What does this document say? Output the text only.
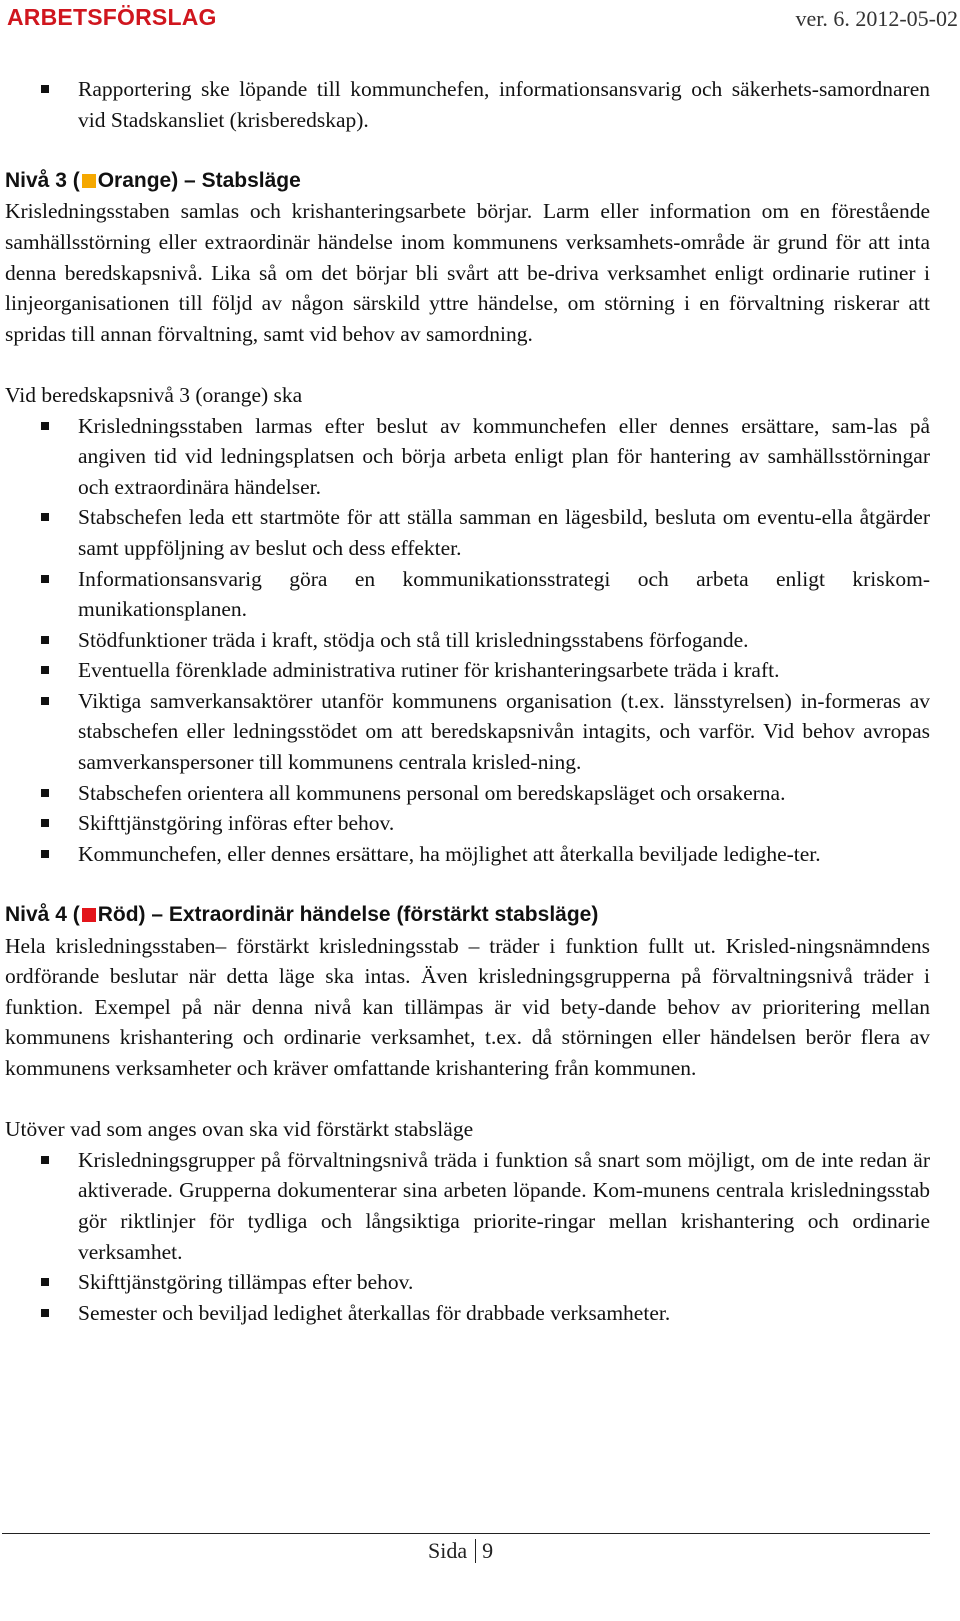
ARBETSFÖRSLAG	ver. 6. 2012-05-02
Rapportering ske löpande till kommunchefen, informationsansvarig och säkerhets-samordnaren vid Stadskansliet (krisberedskap).
Nivå 3 ( Orange) – Stabsläge

Krisledningsstaben samlas och krishanteringsarbete börjar. Larm eller information om en förestående samhällsstörning eller extraordinär händelse inom kommunens verksamhets-område är grund för att inta denna beredskapsnivå. Lika så om det börjar bli svårt att be-driva verksamhet enligt ordinarie rutiner i linjeorganisationen till följd av någon särskild yttre händelse, om störning i en förvaltning riskerar att spridas till annan förvaltning, samt vid behov av samordning.

Vid beredskapsnivå 3 (orange) ska

Krisledningsstaben larmas efter beslut av kommunchefen eller dennes ersättare, sam-las på angiven tid vid ledningsplatsen och börja arbeta enligt plan för hantering av samhällsstörningar och extraordinära händelser.
Stabschefen leda ett startmöte för att ställa samman en lägesbild, besluta om eventu-ella åtgärder samt uppföljning av beslut och dess effekter.
Informationsansvarig göra en kommunikationsstrategi och arbeta enligt kriskom-munikationsplanen.
Stödfunktioner träda i kraft, stödja och stå till krisledningsstabens förfogande.
Eventuella förenklade administrativa rutiner för krishanteringsarbete träda i kraft.
Viktiga samverkansaktörer utanför kommunens organisation (t.ex. länsstyrelsen) in-formeras av stabschefen eller ledningsstödet om att beredskapsnivån intagits, och varför. Vid behov avropas samverkanspersoner till kommunens centrala krisled-ning.
Stabschefen orientera all kommunens personal om beredskapsläget och orsakerna.
Skifttjänstgöring införas efter behov.
Kommunchefen, eller dennes ersättare, ha möjlighet att återkalla beviljade ledighe-ter.
Nivå 4 ( Röd) – Extraordinär händelse (förstärkt stabsläge)

Hela krisledningsstaben– förstärkt krisledningsstab – träder i funktion fullt ut. Krisled-ningsnämndens ordförande beslutar när detta läge ska intas. Även krisledningsgrupperna på förvaltningsnivå träder i funktion. Exempel på när denna nivå kan tillämpas är vid bety-dande behov av prioritering mellan kommunens krishantering och ordinarie verksamhet, t.ex. då störningen eller händelsen berör flera av kommunens verksamheter och kräver omfattande krishantering från kommunen.

Utöver vad som anges ovan ska vid förstärkt stabsläge

Krisledningsgrupper på förvaltningsnivå träda i funktion så snart som möjligt, om de inte redan är aktiverade. Grupperna dokumenterar sina arbeten löpande. Kom-munens centrala krisledningsstab gör riktlinjer för tydliga och långsiktiga priorite-ringar mellan krishantering och ordinarie verksamhet.
Skifttjänstgöring tillämpas efter behov.
Semester och beviljad ledighet återkallas för drabbade verksamheter.
Sida 9
